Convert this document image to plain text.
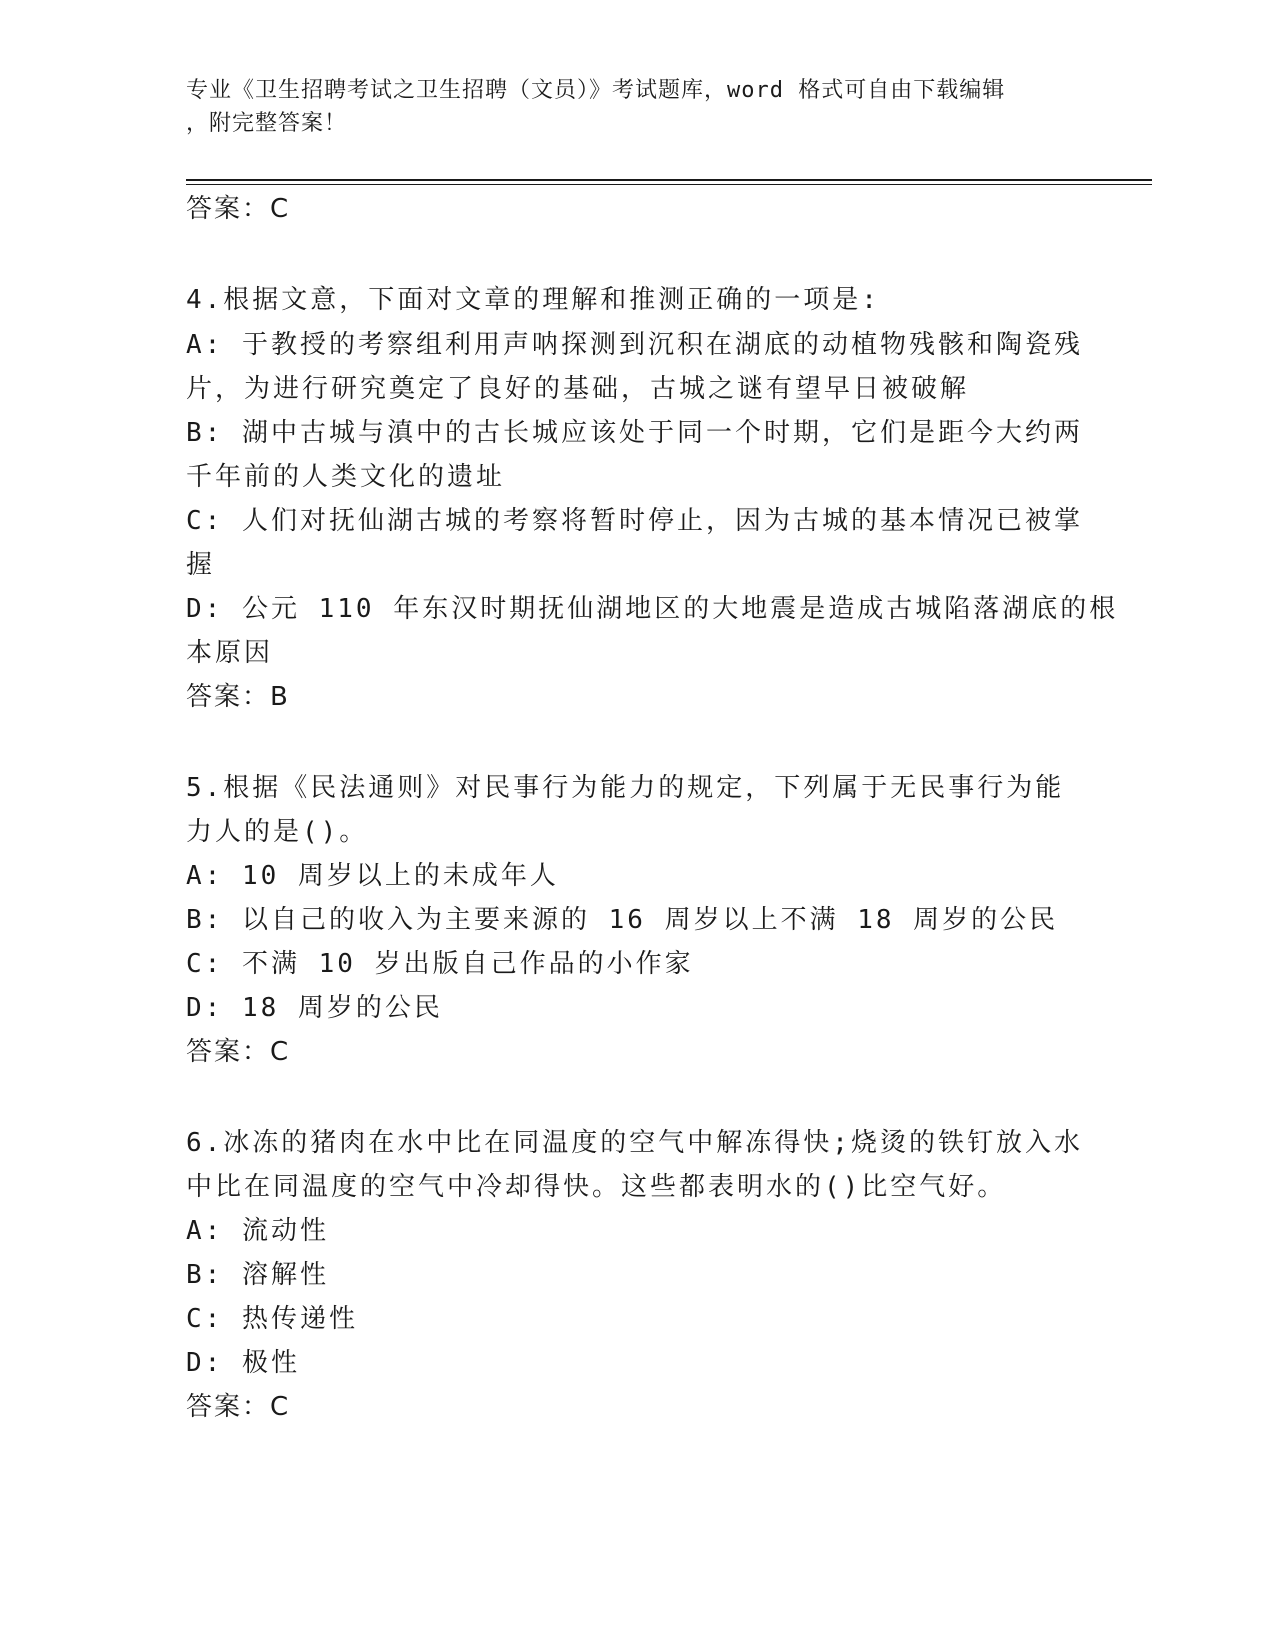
专业《卫生招聘考试之卫生招聘（文员）》考试题库，word 格式可自由下载编辑
，附完整答案！
答案：C
4.根据文意，下面对文章的理解和推测正确的一项是:
A: 于教授的考察组利用声呐探测到沉积在湖底的动植物残骸和陶瓷残
片，为进行研究奠定了良好的基础，古城之谜有望早日被破解
B: 湖中古城与滇中的古长城应该处于同一个时期，它们是距今大约两
千年前的人类文化的遗址
C: 人们对抚仙湖古城的考察将暂时停止，因为古城的基本情况已被掌
握
D: 公元 110 年东汉时期抚仙湖地区的大地震是造成古城陷落湖底的根
本原因
答案：B
5.根据《民法通则》对民事行为能力的规定，下列属于无民事行为能
力人的是()。
A: 10 周岁以上的未成年人
B: 以自己的收入为主要来源的 16 周岁以上不满 18 周岁的公民
C: 不满 10 岁出版自己作品的小作家
D: 18 周岁的公民
答案：C
6.冰冻的猪肉在水中比在同温度的空气中解冻得快;烧烫的铁钉放入水
中比在同温度的空气中冷却得快。这些都表明水的()比空气好。
A: 流动性
B: 溶解性
C: 热传递性
D: 极性
答案：C
